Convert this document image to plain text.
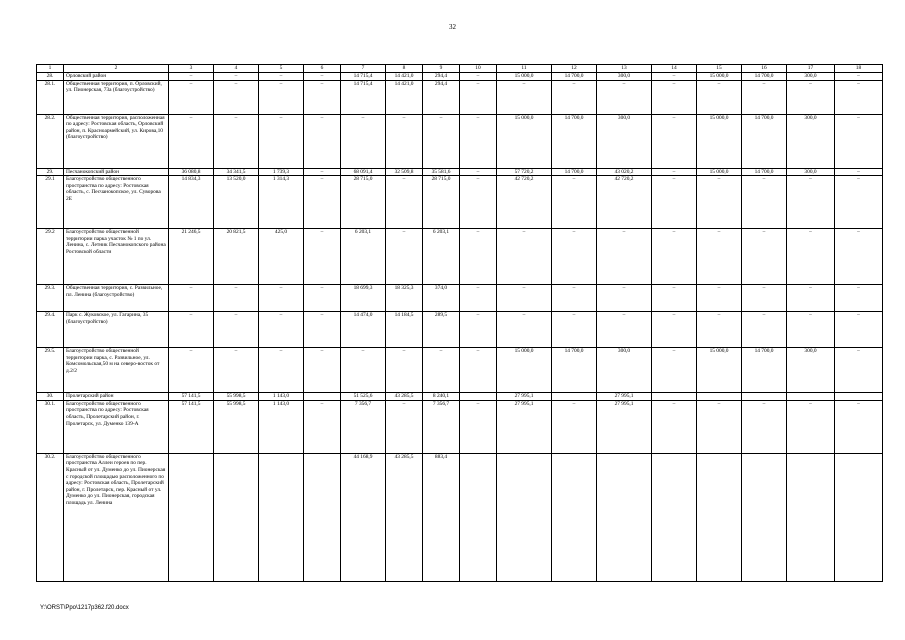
32
1	2	3	4	5	6	7	8	9	10	11	12	13	14	15	16	17	18
28.	Орловский район	–	–	–	–	14 715,4	14 421,0	294,4	–	15 000,0	14 700,0	300,0	–	15 000,0	14 700,0	300,0	–
28.1.	Общественная территория, п. Орловский, ул. Пионерская, 73а (благоустройство)	–	–	–	–	14 715,4	14 421,0	294,4	–	–	–	–	–	–	–	–	–
28.2.	Общественная территория, расположенная по адресу: Ростовская область, Орловский район, п. Красноармейский, ул. Кирова,10 (благоустройство)	–	–	–	–	–	–	–	–	15 000,0	14 700,0	300,0	–	15 000,0	14 700,0	300,0	–
29.	Песчанокопский район	36 080,8	34 341,5	1 739,3	–	68 091,4	32 509,8	35 581,6	–	57 720,2	14 700,0	43 020,2	–	15 000,0	14 700,0	300,0	–
29.1	Благоустройство общественного пространства по адресу: Ростовская область, с. Песчанокопское, ул. Суворова 2Е	14 834,3	13 520,0	1 314,3	–	28 715,0	–	28 715,0	–	42 720,2	–	42 720,2	–	–	–	–	–
29.2	Благоустройство общественной территории парка участок № 1 по ул. Ленина, с. Летник Песчанокопского района Ростовской области	21 246,5	20 821,5	425,0	–	6 203,1	–	6 203,1	–	–	–	–	–	–	–	–	–
29.3.	Общественная территория, с. Развильное, пл. Ленина (благоустройство)	–	–	–	–	18 699,3	18 325,3	374,0	–	–	–	–	–	–	–	–	–
29.4.	Парк с. Жуковское, ул. Гагарина, 35 (благоустройство)	–	–	–	–	14 474,0	14 184,5	289,5	–	–	–	–	–	–	–	–	–
29.5.	Благоустройство общественной территории парка, с. Развильное, ул. Комсомольская,50 м на северо-восток от д.2/2	–	–	–	–	–	–	–	–	15 000,0	14 700,0	300,0	–	15 000,0	14 700,0	300,0	–
30.	Пролетарский район	57 141,5	55 998,5	1 143,0		51 525,6	43 285,5	8 240,1		27 995,1		27 995,1					
30.1.	Благоустройство общественного пространства по адресу: Ростовская область, Пролетарский район, г. Пролетарск, ул. Думенко 139-А	57 141,5	55 998,5	1 143,0	–	7 356,7	–	7 356,7	–	27 995,1	–	27 995,1	–	–	–	–	–
30.2.	Благоустройство общественного пространства Аллеи героев по пер. Красный от ул. Думенко до ул. Пионерская с городской площадью расположенного по адресу: Ростовская область, Пролетарский район, г. Пролетарск, пер. Красный от ул. Думенко до ул. Пионерская, городская площадь ул. Ленина					44 168,9	43 285,5	883,4									
Y:\ORST\Ppo\1217p362.f20.docx
